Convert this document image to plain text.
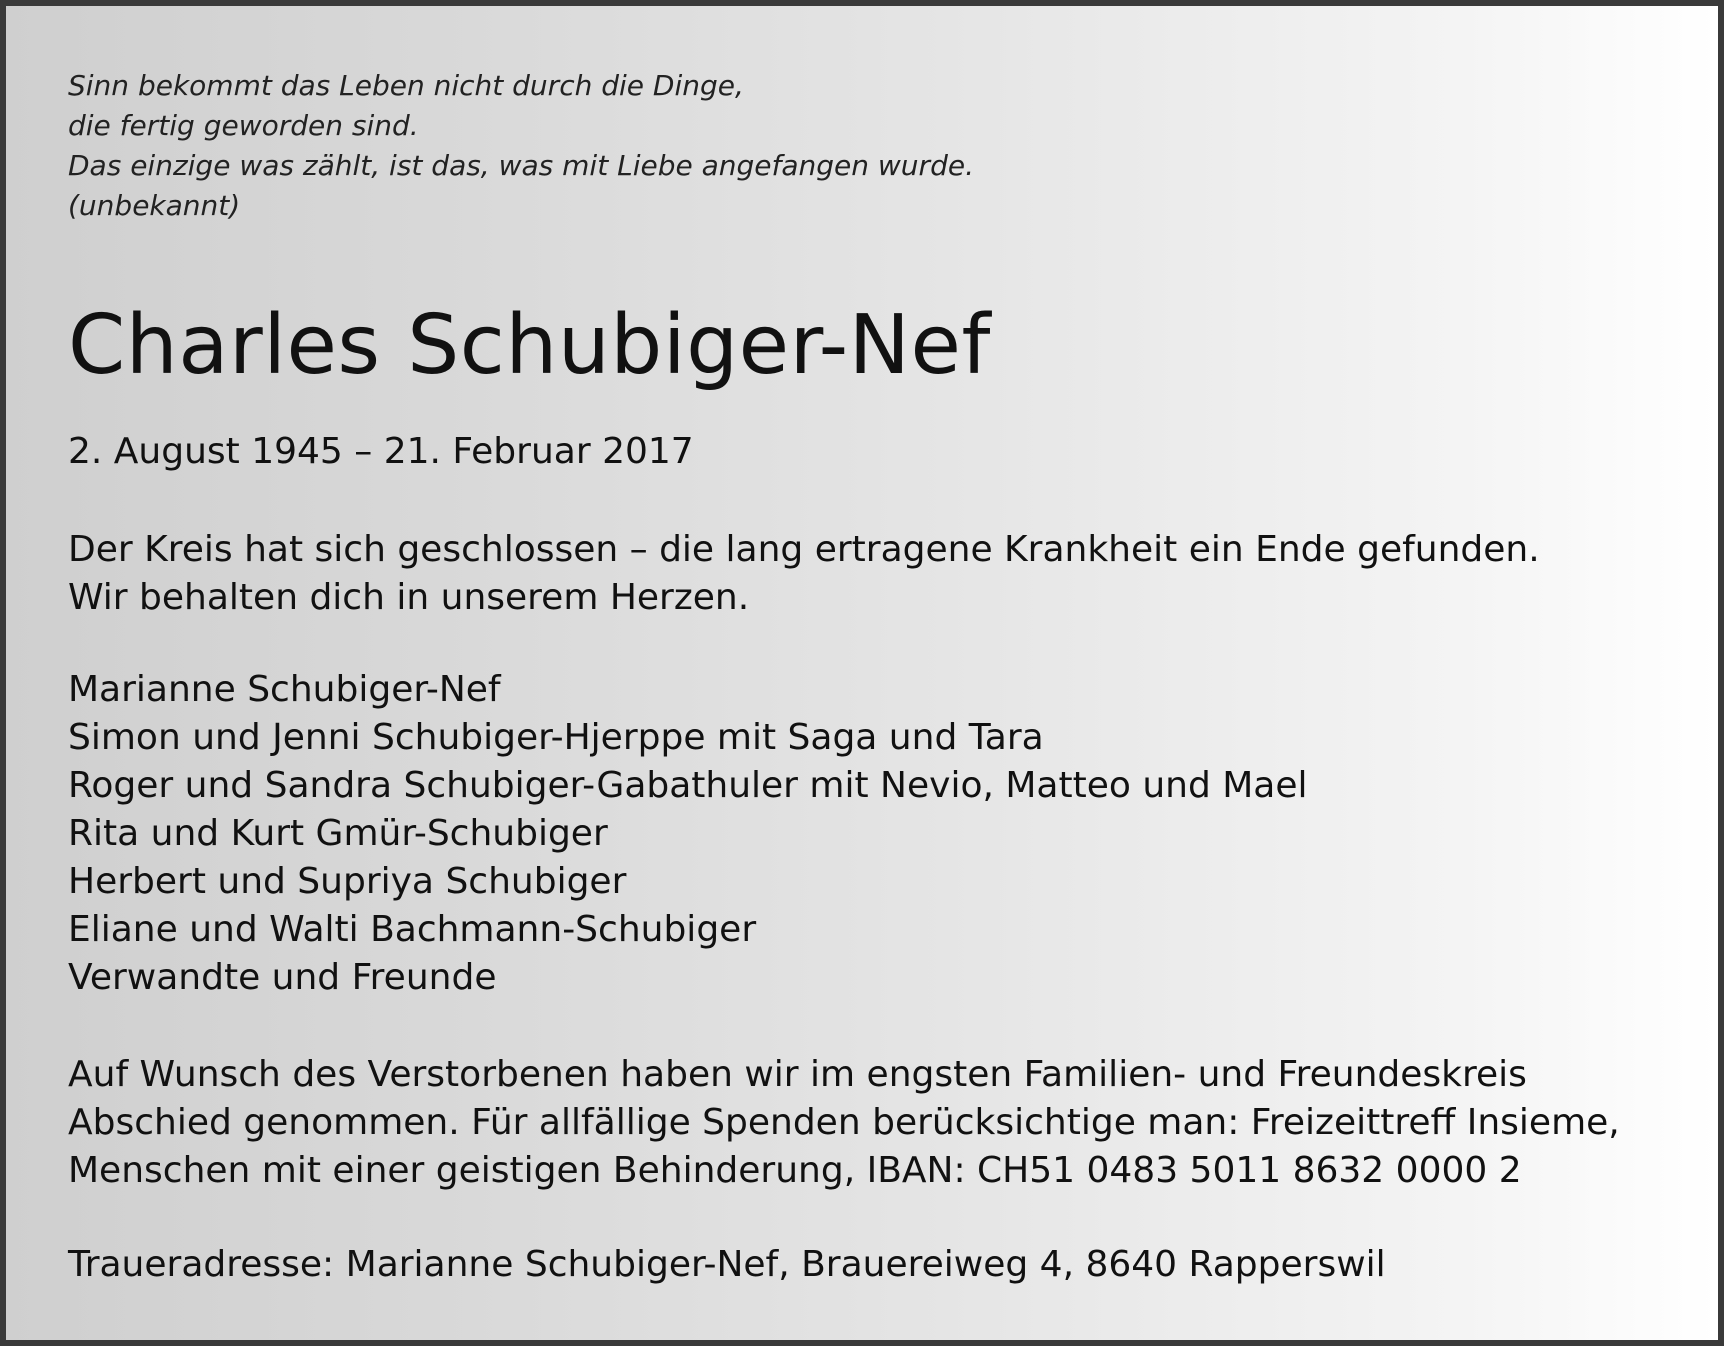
Sinn bekommt das Leben nicht durch die Dinge,
die fertig geworden sind.
Das einzige was zählt, ist das, was mit Liebe angefangen wurde.
(unbekannt)
Charles Schubiger-Nef
2. August 1945 – 21. Februar 2017
Der Kreis hat sich geschlossen – die lang ertragene Krankheit ein Ende gefunden.
Wir behalten dich in unserem Herzen.
Marianne Schubiger-Nef
Simon und Jenni Schubiger-Hjerppe mit Saga und Tara
Roger und Sandra Schubiger-Gabathuler mit Nevio, Matteo und Mael
Rita und Kurt Gmür-Schubiger
Herbert und Supriya Schubiger
Eliane und Walti Bachmann-Schubiger
Verwandte und Freunde
Auf Wunsch des Verstorbenen haben wir im engsten Familien- und Freundeskreis
Abschied genommen. Für allfällige Spenden berücksichtige man: Freizeittreff Insieme,
Menschen mit einer geistigen Behinderung, IBAN: CH51 0483 5011 8632 0000 2
Traueradresse: Marianne Schubiger-Nef, Brauereiweg 4, 8640 Rapperswil
